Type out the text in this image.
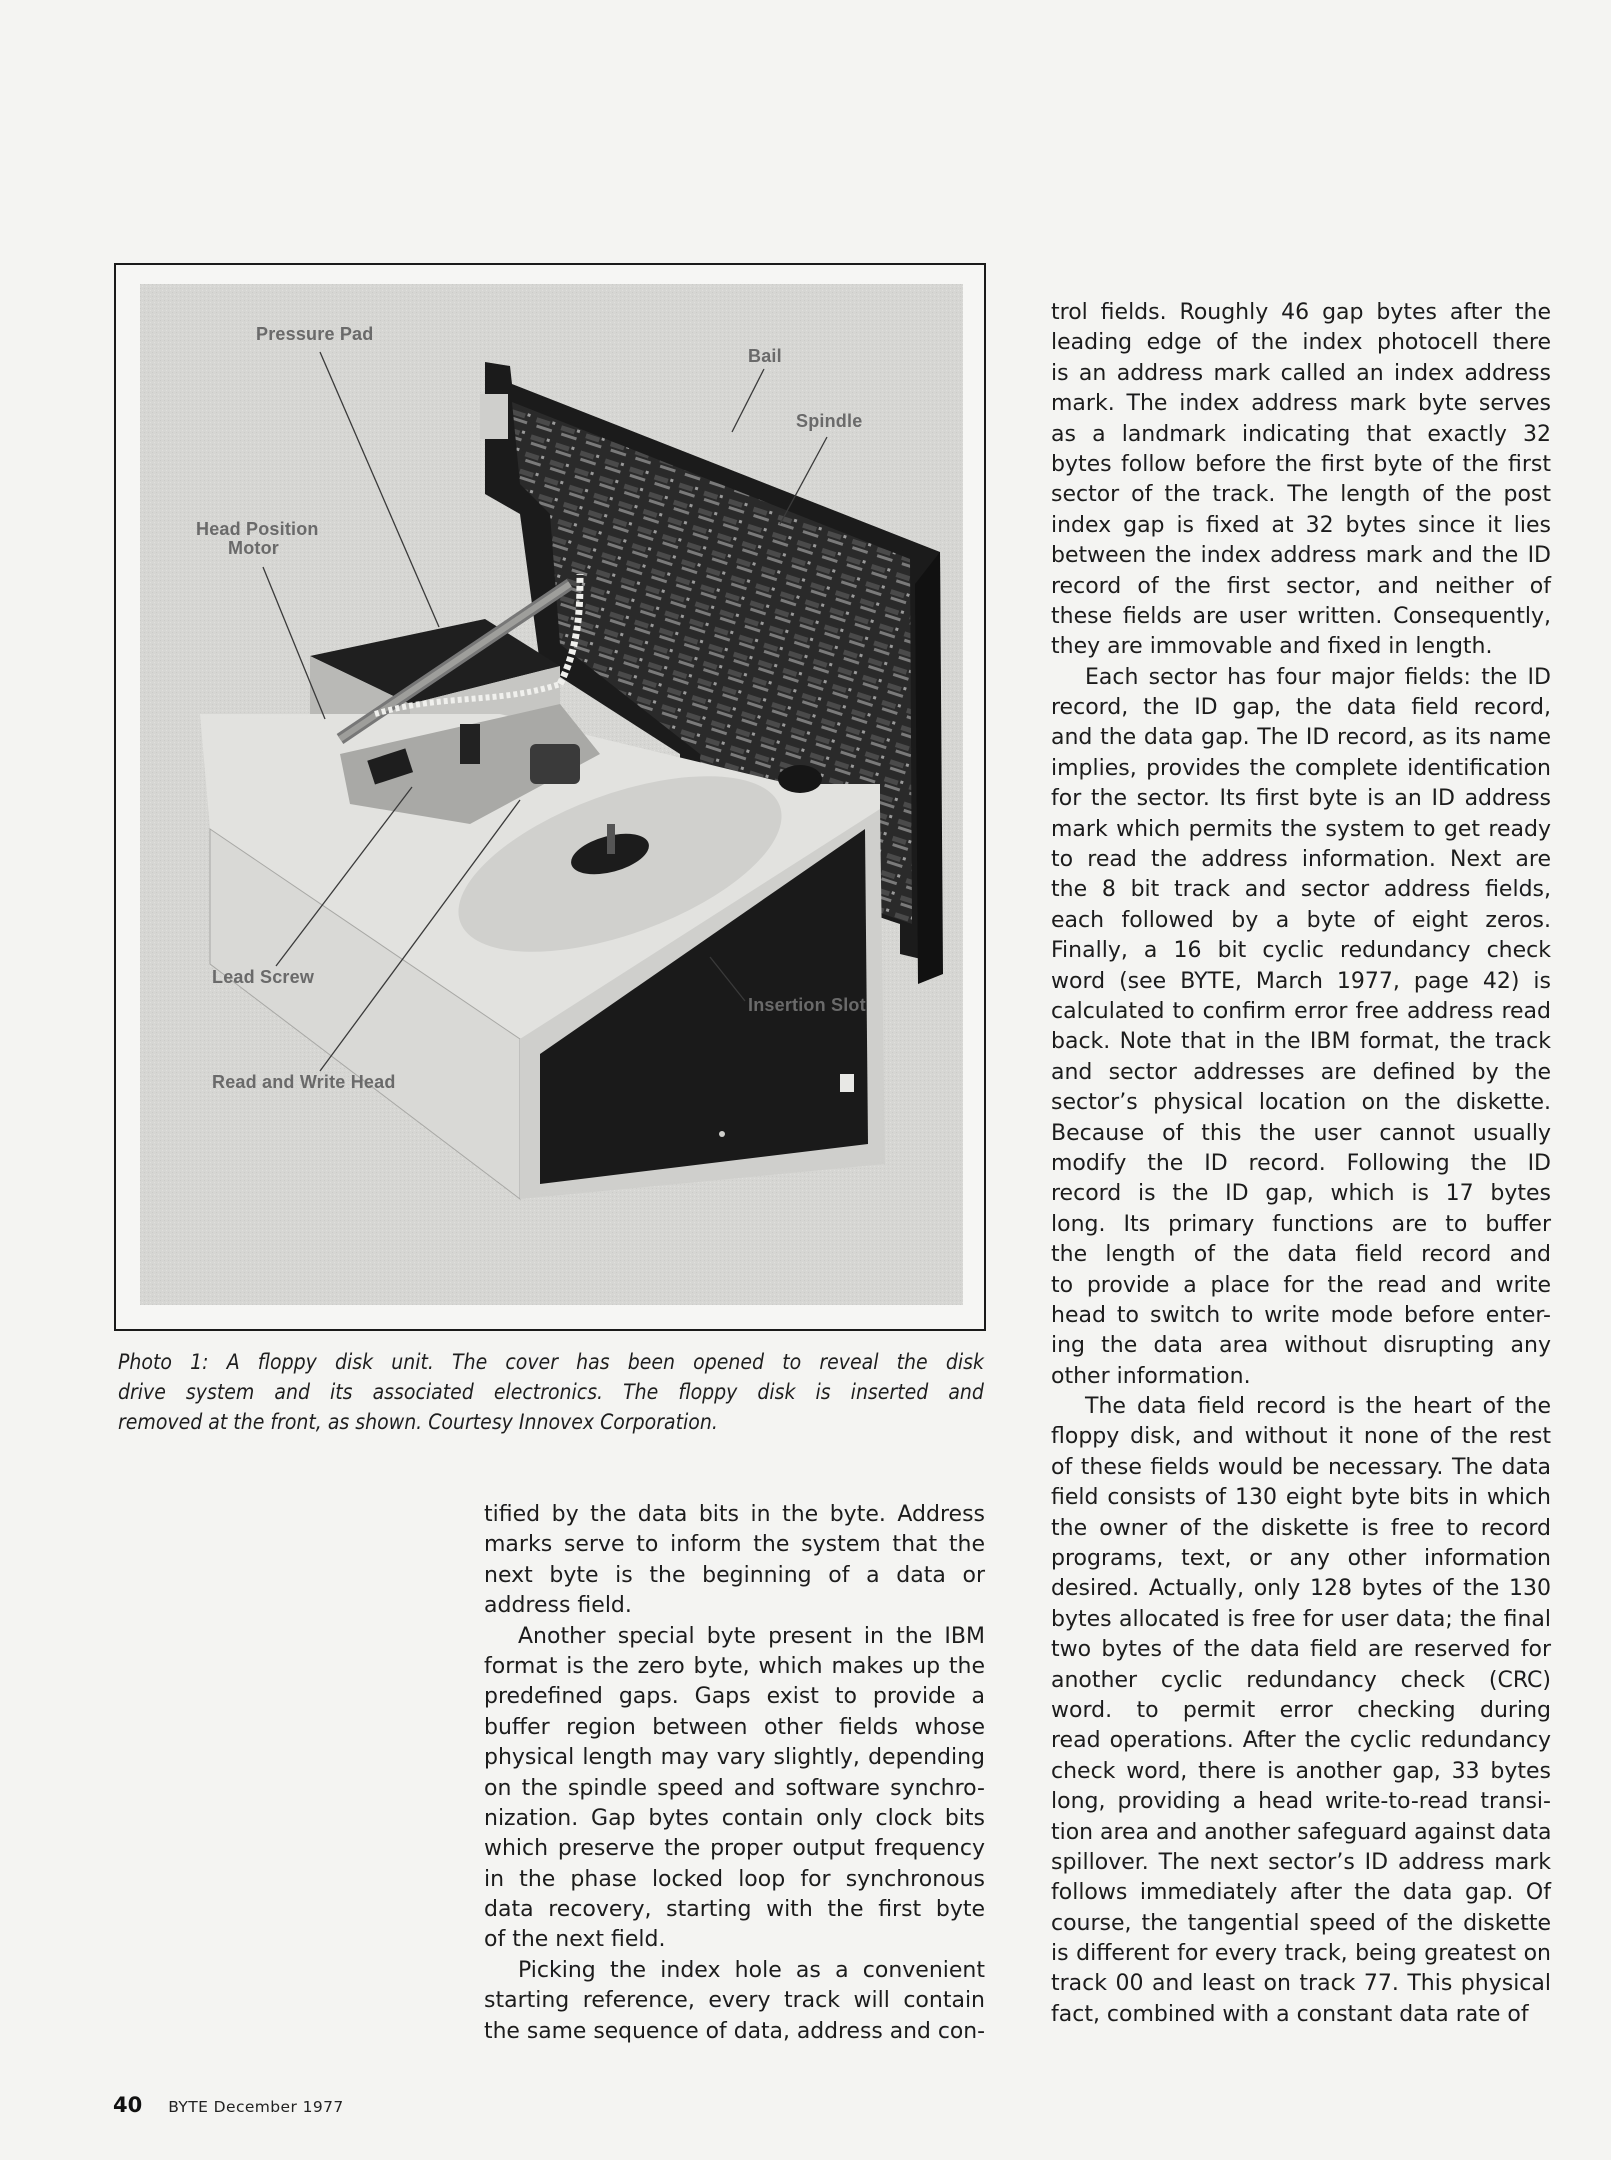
Pressure Pad
Bail
Spindle
Head Position
Motor
Lead Screw
Insertion Slot
Read and Write Head
Photo 1: A floppy disk unit. The cover has been opened to reveal the disk
drive system and its associated electronics. The floppy disk is inserted and
removed at the front, as shown. Courtesy Innovex Corporation.
tified by the data bits in the byte. Address
marks serve to inform the system that the
next byte is the beginning of a data or
address field.
Another special byte present in the IBM
format is the zero byte, which makes up the
predefined gaps. Gaps exist to provide a
buffer region between other fields whose
physical length may vary slightly, depending
on the spindle speed and software synchro-
nization. Gap bytes contain only clock bits
which preserve the proper output frequency
in the phase locked loop for synchronous
data recovery, starting with the first byte
of the next field.
Picking the index hole as a convenient
starting reference, every track will contain
the same sequence of data, address and con-
trol fields. Roughly 46 gap bytes after the
leading edge of the index photocell there
is an address mark called an index address
mark. The index address mark byte serves
as a landmark indicating that exactly 32
bytes follow before the first byte of the first
sector of the track. The length of the post
index gap is fixed at 32 bytes since it lies
between the index address mark and the ID
record of the first sector, and neither of
these fields are user written. Consequently,
they are immovable and fixed in length.
Each sector has four major fields: the ID
record, the ID gap, the data field record,
and the data gap. The ID record, as its name
implies, provides the complete identification
for the sector. Its first byte is an ID address
mark which permits the system to get ready
to read the address information. Next are
the 8 bit track and sector address fields,
each followed by a byte of eight zeros.
Finally, a 16 bit cyclic redundancy check
word (see BYTE, March 1977, page 42) is
calculated to confirm error free address read
back. Note that in the IBM format, the track
and sector addresses are defined by the
sector’s physical location on the diskette.
Because of this the user cannot usually
modify the ID record. Following the ID
record is the ID gap, which is 17 bytes
long. Its primary functions are to buffer
the length of the data field record and
to provide a place for the read and write
head to switch to write mode before enter-
ing the data area without disrupting any
other information.
The data field record is the heart of the
floppy disk, and without it none of the rest
of these fields would be necessary. The data
field consists of 130 eight byte bits in which
the owner of the diskette is free to record
programs, text, or any other information
desired. Actually, only 128 bytes of the 130
bytes allocated is free for user data; the final
two bytes of the data field are reserved for
another cyclic redundancy check (CRC)
word. to permit error checking during
read operations. After the cyclic redundancy
check word, there is another gap, 33 bytes
long, providing a head write-to-read transi-
tion area and another safeguard against data
spillover. The next sector’s ID address mark
follows immediately after the data gap. Of
course, the tangential speed of the diskette
is different for every track, being greatest on
track 00 and least on track 77. This physical
fact, combined with a constant data rate of
40 BYTE December 1977
